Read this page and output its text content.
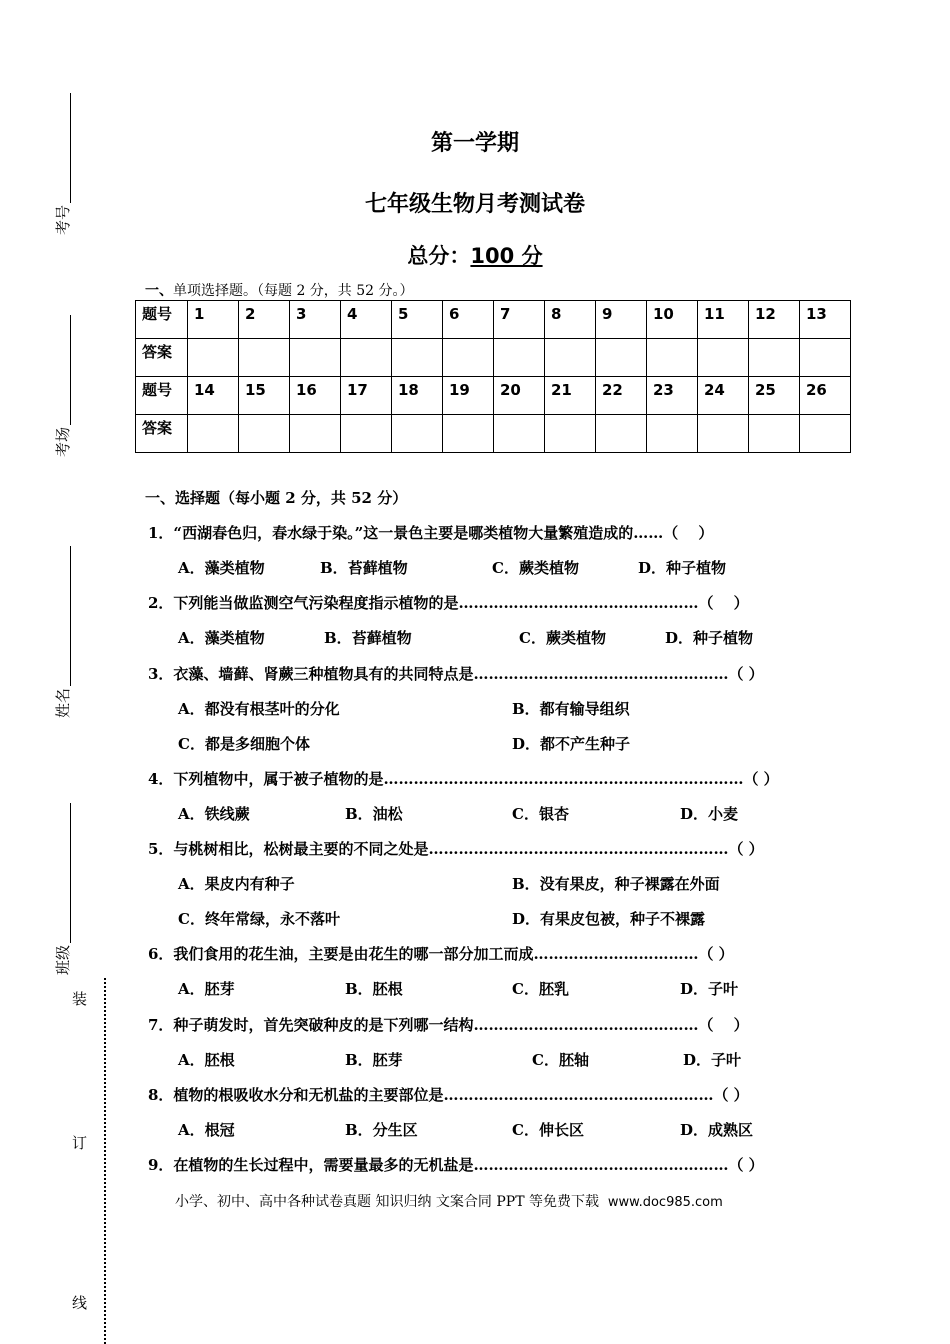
考号
考场
姓名
班级
装
订
线
第一学期
七年级生物月考测试卷
总分：100 分
一、单项选择题。（每题 2 分，共 52 分。）
题号	1	2	3	4	5	6	7	8	9	10	11	12	13
答案													
题号	14	15	16	17	18	19	20	21	22	23	24	25	26
答案													
一、选择题（每小题 2 分，共 52 分）
1．“西湖春色归，春水绿于染。”这一景色主要是哪类植物大量繁殖造成的……（　 ）
A．藻类植物	B．苔藓植物	C．蕨类植物	D．种子植物
2．下列能当做监测空气污染程度指示植物的是…………………………………………（　 ）
A．藻类植物	B．苔藓植物	C．蕨类植物	D．种子植物
3．衣藻、墙藓、肾蕨三种植物具有的共同特点是……………………………………………（ ）
A．都没有根茎叶的分化	B．都有输导组织
C．都是多细胞个体	D．都不产生种子
4．下列植物中，属于被子植物的是………………………………………………………………（ ）
A．铁线蕨	B．油松	C．银杏	D．小麦
5．与桃树相比，松树最主要的不同之处是……………………………………………………（ ）
A．果皮内有种子	B．没有果皮，种子裸露在外面
C．终年常绿，永不落叶	D．有果皮包被，种子不裸露
6．我们食用的花生油，主要是由花生的哪一部分加工而成……………………………（ ）
A．胚芽	B．胚根	C．胚乳	D．子叶
7．种子萌发时，首先突破种皮的是下列哪一结构………………………………………（　 ）
A．胚根	B．胚芽	C．胚轴	D．子叶
8．植物的根吸收水分和无机盐的主要部位是………………………………………………（ ）
A．根冠	B．分生区	C．伸长区	D．成熟区
9．在植物的生长过程中，需要量最多的无机盐是……………………………………………（ ）
小学、初中、高中各种试卷真题 知识归纳 文案合同 PPT 等免费下载 www.doc985.com
